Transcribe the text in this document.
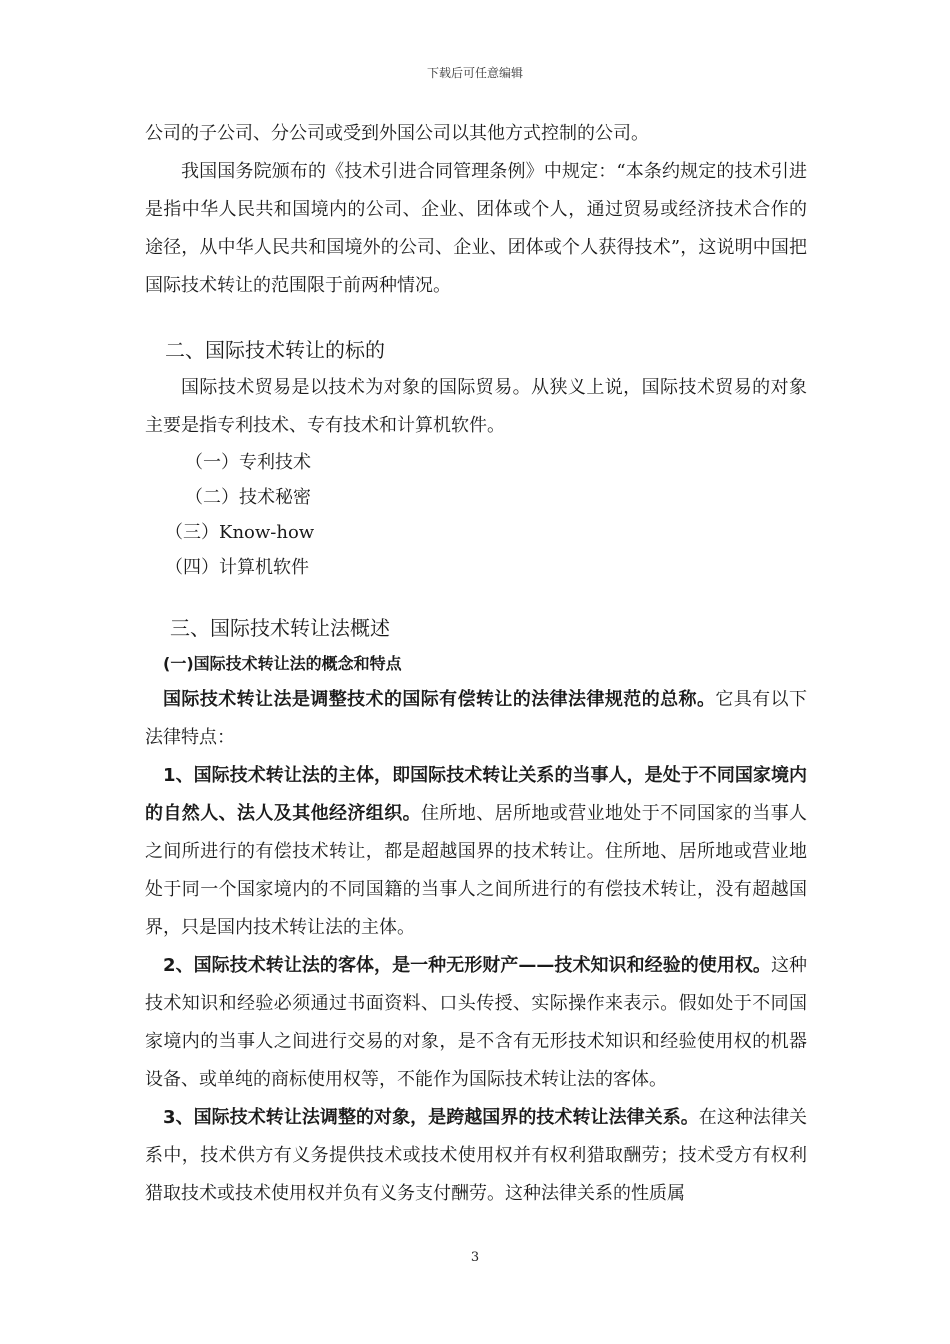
下载后可任意编辑

公司的子公司、分公司或受到外国公司以其他方式控制的公司。

我国国务院颁布的《技术引进合同管理条例》中规定：“本条约规定的技术引进是指中华人民共和国境内的公司、企业、团体或个人，通过贸易或经济技术合作的途径，从中华人民共和国境外的公司、企业、团体或个人获得技术”，这说明中国把国际技术转让的范围限于前两种情况。

二、国际技术转让的标的

国际技术贸易是以技术为对象的国际贸易。从狭义上说，国际技术贸易的对象主要是指专利技术、专有技术和计算机软件。

（一）专利技术

（二）技术秘密

（三）Know-how

（四）计算机软件

三、国际技术转让法概述

(一)国际技术转让法的概念和特点

国际技术转让法是调整技术的国际有偿转让的法律法律规范的总称。它具有以下法律特点：

1、国际技术转让法的主体，即国际技术转让关系的当事人，是处于不同国家境内的自然人、法人及其他经济组织。住所地、居所地或营业地处于不同国家的当事人之间所进行的有偿技术转让，都是超越国界的技术转让。住所地、居所地或营业地处于同一个国家境内的不同国籍的当事人之间所进行的有偿技术转让，没有超越国界，只是国内技术转让法的主体。

2、国际技术转让法的客体，是一种无形财产——技术知识和经验的使用权。这种技术知识和经验必须通过书面资料、口头传授、实际操作来表示。假如处于不同国家境内的当事人之间进行交易的对象，是不含有无形技术知识和经验使用权的机器设备、或单纯的商标使用权等，不能作为国际技术转让法的客体。

3、国际技术转让法调整的对象，是跨越国界的技术转让法律关系。在这种法律关系中，技术供方有义务提供技术或技术使用权并有权利猎取酬劳；技术受方有权利猎取技术或技术使用权并负有义务支付酬劳。这种法律关系的性质属

3
